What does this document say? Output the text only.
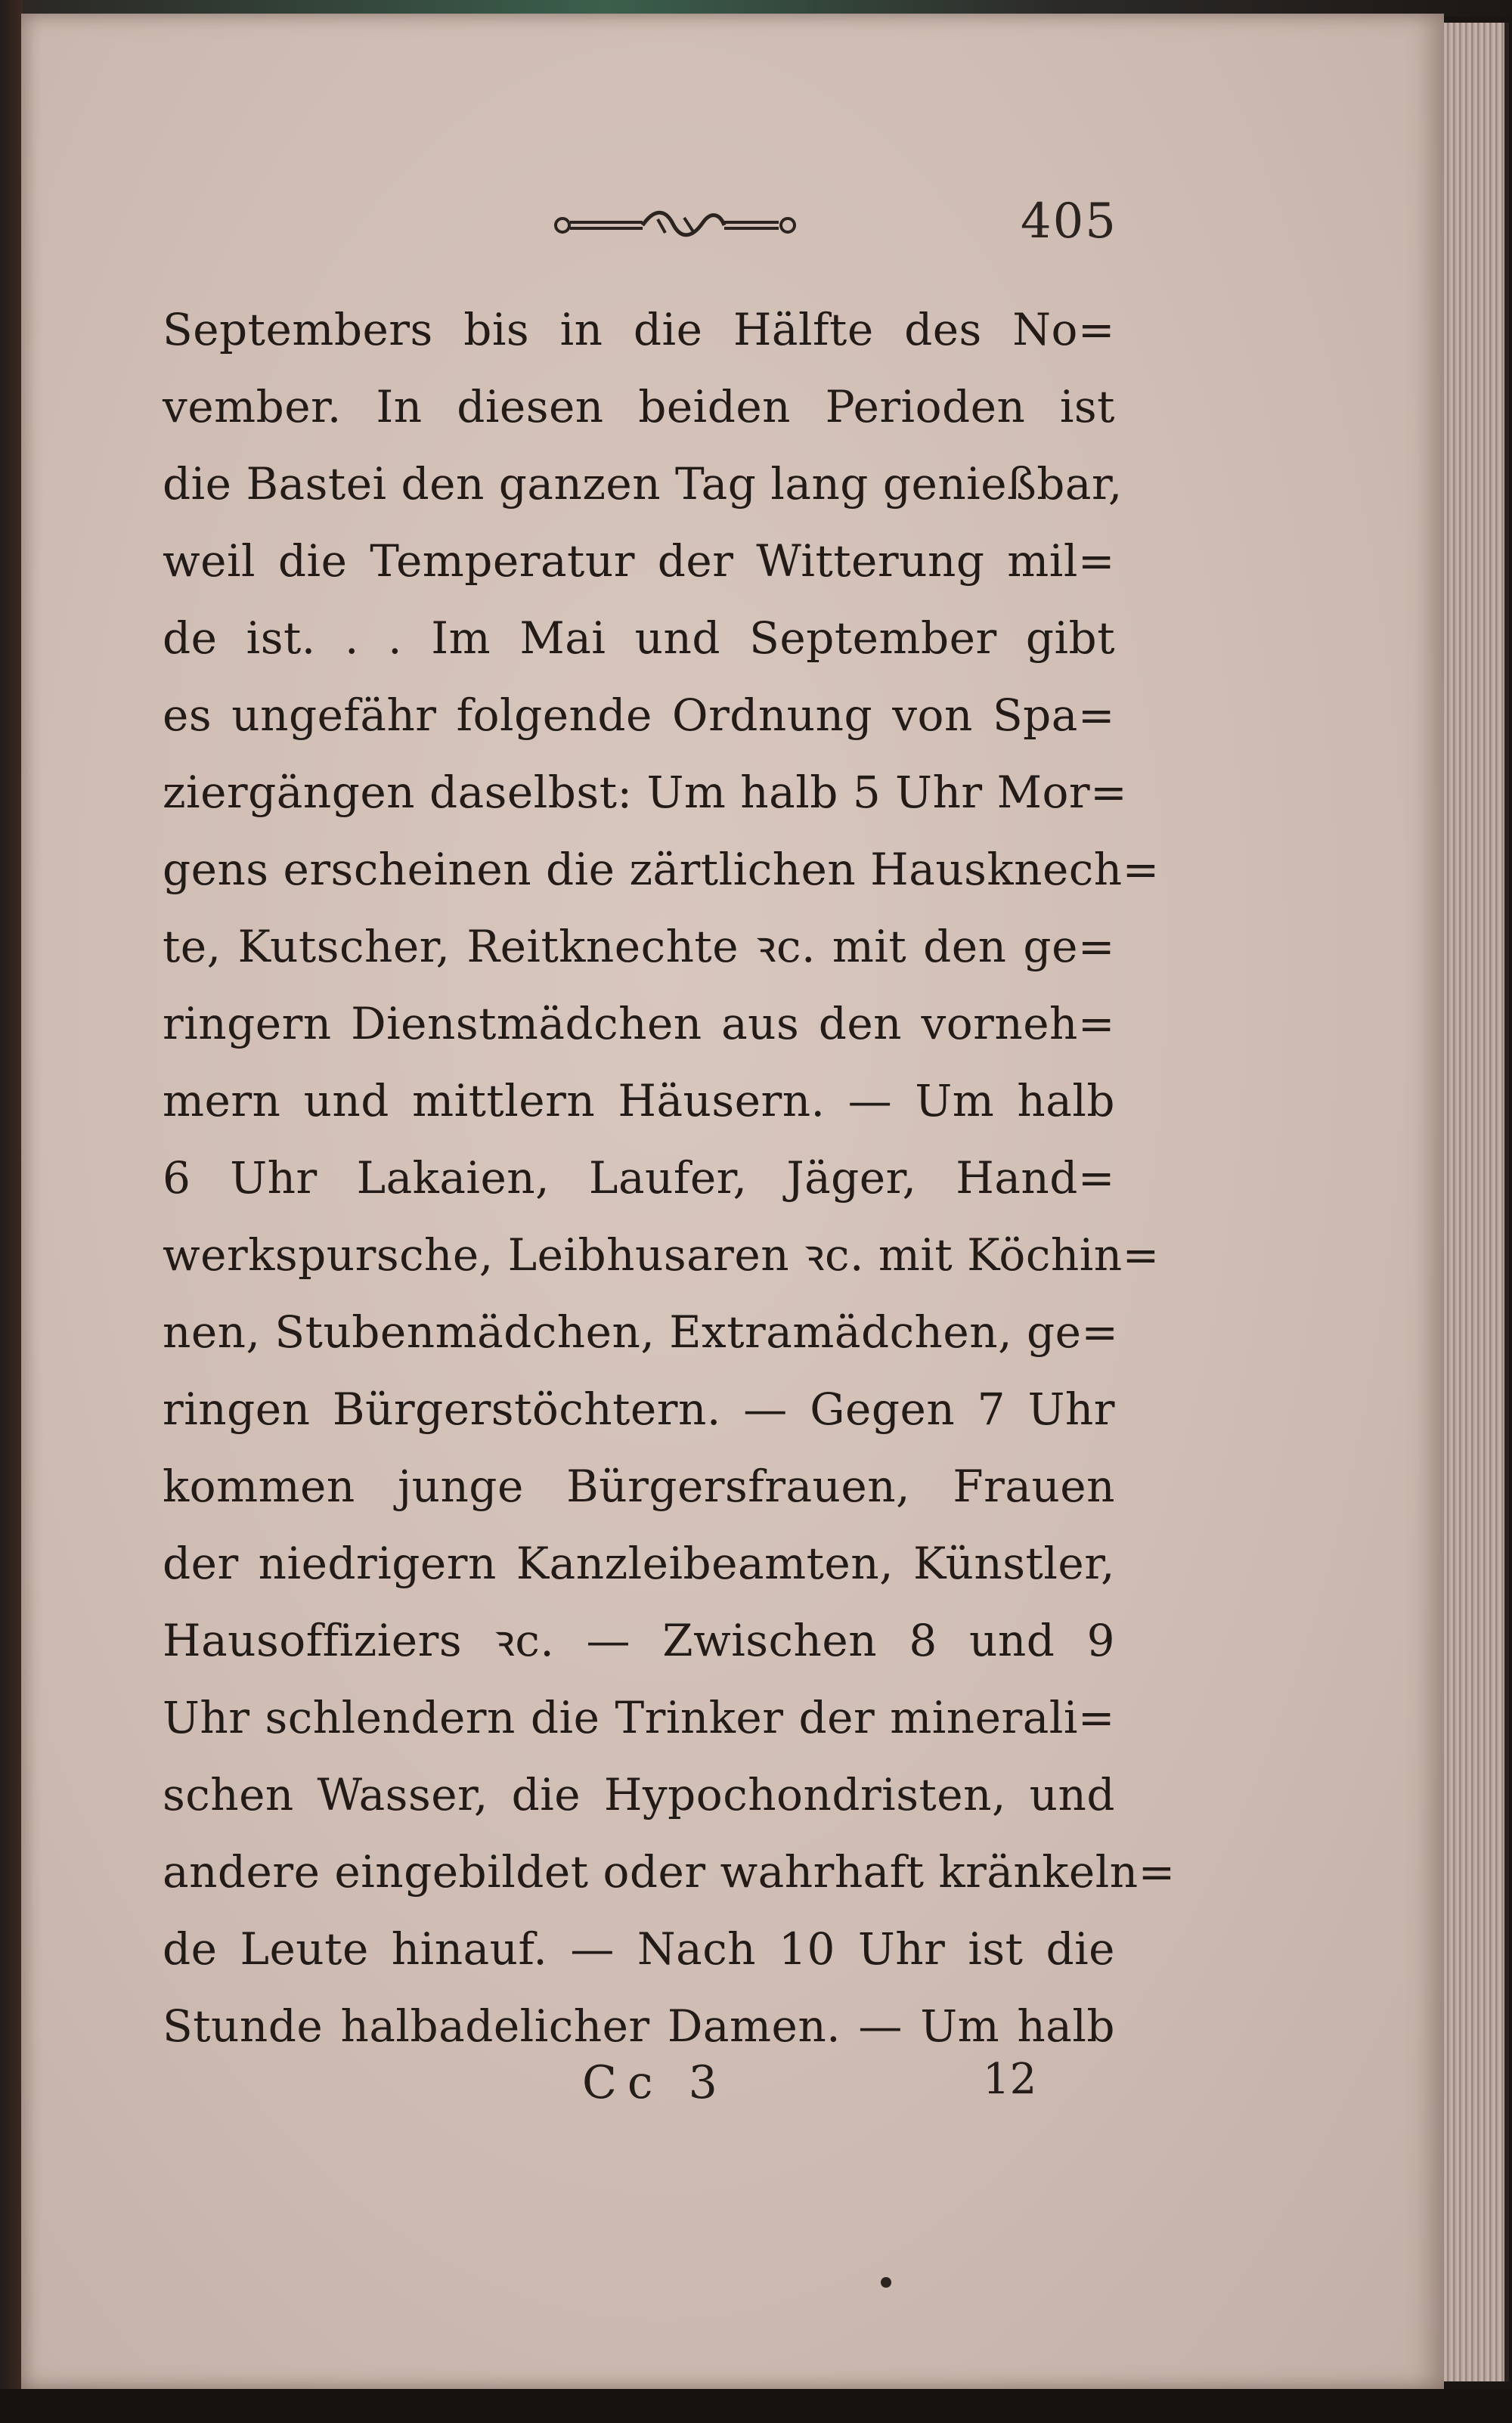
405
Septembers bis in die Hälfte des No=
vember. In diesen beiden Perioden ist
die Bastei den ganzen Tag lang genießbar,
weil die Temperatur der Witterung mil=
de ist. . . Im Mai und September gibt
es ungefähr folgende Ordnung von Spa=
ziergängen daselbst: Um halb 5 Uhr Mor=
gens erscheinen die zärtlichen Hausknech=
te, Kutscher, Reitknechte ꝛc. mit den ge=
ringern Dienstmädchen aus den vorneh=
mern und mittlern Häusern. — Um halb
6 Uhr Lakaien, Laufer, Jäger, Hand=
werkspursche, Leibhusaren ꝛc. mit Köchin=
nen, Stubenmädchen, Extramädchen, ge=
ringen Bürgerstöchtern. — Gegen 7 Uhr
kommen junge Bürgersfrauen, Frauen
der niedrigern Kanzleibeamten, Künstler,
Hausoffiziers ꝛc. — Zwischen 8 und 9
Uhr schlendern die Trinker der minerali=
schen Wasser, die Hypochondristen, und
andere eingebildet oder wahrhaft kränkeln=
de Leute hinauf. — Nach 10 Uhr ist die
Stunde halbadelicher Damen. — Um halb
Cc 3	12
